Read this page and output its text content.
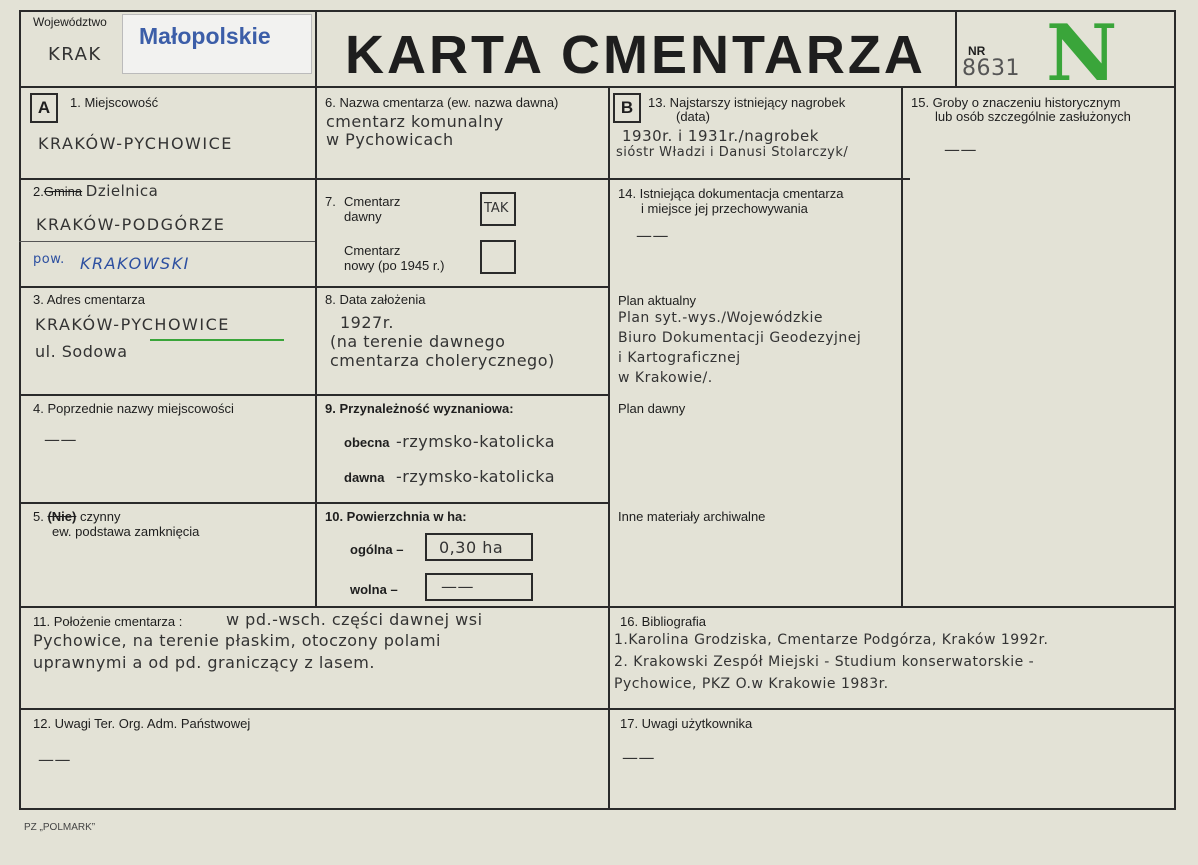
Województwo
KRAK
Małopolskie KARTA CMENTARZA	NR
8631 N
A	1. Miejscowość
KRAKÓW-PYCHOWICE
2.Gmina Dzielnica
KRAKÓW-PODGÓRZE
pow. KRAKOWSKI
3. Adres cmentarza
KRAKÓW-PYCHOWICE
ul. Sodowa
4. Poprzednie nazwy miejscowości
——
5. (Nie) czynny
ew. podstawa zamknięcia
6. Nazwa cmentarza (ew. nazwa dawna)
cmentarz komunalny
w Pychowicach
7. Cmentarz
dawny
TAK
Cmentarz
nowy (po 1945 r.)
8. Data założenia
1927r.
(na terenie dawnego
cmentarza cholerycznego)
9. Przynależność wyznaniowa:
obecna -rzymsko-katolicka
dawna -rzymsko-katolicka
10. Powierzchnia w ha:
ogólna – 0,30 ha
wolna –	——
B	13. Najstarszy istniejący nagrobek
(data)
1930r. i 1931r./nagrobek
sióstr Władzi i Danusi Stolarczyk/
14. Istniejąca dokumentacja cmentarza
i miejsce jej przechowywania
——
Plan aktualny
Plan syt.-wys./Wojewódzkie
Biuro Dokumentacji Geodezyjnej
i Kartograficznej
w Krakowie/.
Plan dawny
Inne materiały archiwalne
15. Groby o znaczeniu historycznym
lub osób szczególnie zasłużonych
——
11. Położenie cmentarza :	w pd.-wsch. części dawnej wsi
Pychowice, na terenie płaskim, otoczony polami
uprawnymi a od pd. graniczący z lasem.
12. Uwagi Ter. Org. Adm. Państwowej
——
16. Bibliografia
1.Karolina Grodziska, Cmentarze Podgórza, Kraków 1992r.
2. Krakowski Zespół Miejski - Studium konserwatorskie -
Pychowice, PKZ O.w Krakowie 1983r.
17. Uwagi użytkownika
——
PZ „POLMARK”
